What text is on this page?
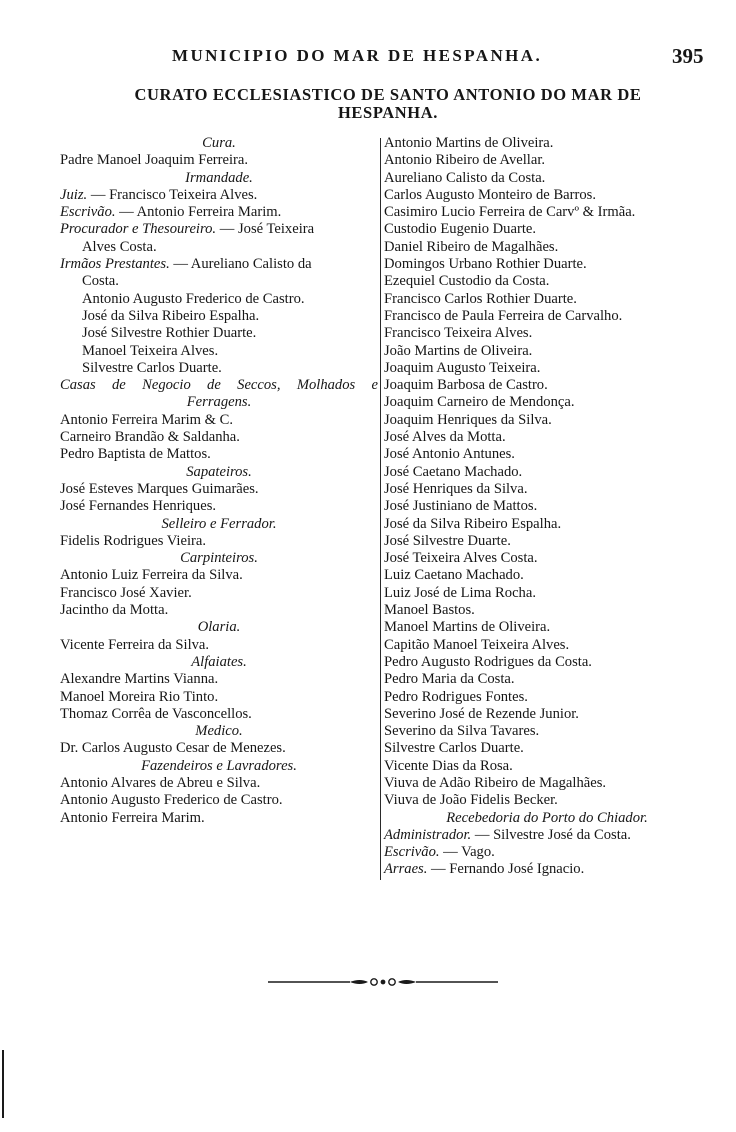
MUNICIPIO DO MAR DE HESPANHA.	395
CURATO ECCLESIASTICO DE SANTO ANTONIO DO MAR DE
HESPANHA.
Cura.
Padre Manoel Joaquim Ferreira.
Irmandade.
Juiz. — Francisco Teixeira Alves.
Escrivão. — Antonio Ferreira Marim.
Procurador e Thesoureiro. — José Teixeira
Alves Costa.
Irmãos Prestantes. — Aureliano Calisto da
Costa.
Antonio Augusto Frederico de Castro.
José da Silva Ribeiro Espalha.
José Silvestre Rothier Duarte.
Manoel Teixeira Alves.
Silvestre Carlos Duarte.
Casas de Negocio de Seccos, Molhados e
Ferragens.
Antonio Ferreira Marim & C.
Carneiro Brandão & Saldanha.
Pedro Baptista de Mattos.
Sapateiros.
José Esteves Marques Guimarães.
José Fernandes Henriques.
Selleiro e Ferrador.
Fidelis Rodrigues Vieira.
Carpinteiros.
Antonio Luiz Ferreira da Silva.
Francisco José Xavier.
Jacintho da Motta.
Olaria.
Vicente Ferreira da Silva.
Alfaiates.
Alexandre Martins Vianna.
Manoel Moreira Rio Tinto.
Thomaz Corrêa de Vasconcellos.
Medico.
Dr. Carlos Augusto Cesar de Menezes.
Fazendeiros e Lavradores.
Antonio Alvares de Abreu e Silva.
Antonio Augusto Frederico de Castro.
Antonio Ferreira Marim.
Antonio Martins de Oliveira.
Antonio Ribeiro de Avellar.
Aureliano Calisto da Costa.
Carlos Augusto Monteiro de Barros.
Casimiro Lucio Ferreira de Carvº & Irmãa.
Custodio Eugenio Duarte.
Daniel Ribeiro de Magalhães.
Domingos Urbano Rothier Duarte.
Ezequiel Custodio da Costa.
Francisco Carlos Rothier Duarte.
Francisco de Paula Ferreira de Carvalho.
Francisco Teixeira Alves.
João Martins de Oliveira.
Joaquim Augusto Teixeira.
Joaquim Barbosa de Castro.
Joaquim Carneiro de Mendonça.
Joaquim Henriques da Silva.
José Alves da Motta.
José Antonio Antunes.
José Caetano Machado.
José Henriques da Silva.
José Justiniano de Mattos.
José da Silva Ribeiro Espalha.
José Silvestre Duarte.
José Teixeira Alves Costa.
Luiz Caetano Machado.
Luiz José de Lima Rocha.
Manoel Bastos.
Manoel Martins de Oliveira.
Capitão Manoel Teixeira Alves.
Pedro Augusto Rodrigues da Costa.
Pedro Maria da Costa.
Pedro Rodrigues Fontes.
Severino José de Rezende Junior.
Severino da Silva Tavares.
Silvestre Carlos Duarte.
Vicente Dias da Rosa.
Viuva de Adão Ribeiro de Magalhães.
Viuva de João Fidelis Becker.
Recebedoria do Porto do Chiador.
Administrador. — Silvestre José da Costa.
Escrivão. — Vago.
Arraes. — Fernando José Ignacio.
